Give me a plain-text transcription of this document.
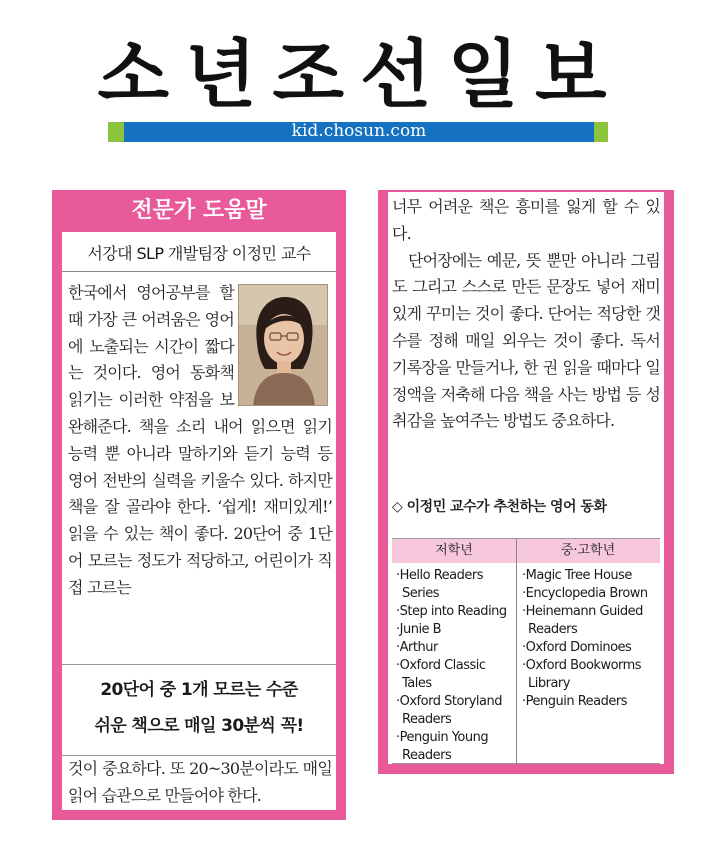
소년조선일보
kid.chosun.com
전문가 도움말
서강대 SLP 개발팀장 이정민 교수
한국에서 영어공부를 할 때 가장 큰 어려움은 영어에 노출되는 시간이 짧다는 것이다. 영어 동화책 읽기는 이러한 약점을 보완해준다. 책을 소리 내어 읽으면 읽기 능력 뿐 아니라 말하기와 듣기 능력 등 영어 전반의 실력을 키울수 있다. 하지만 책을 잘 골라야 한다. ‘쉽게! 재미있게!’ 읽을 수 있는 책이 좋다. 20단어 중 1단어 모르는 정도가 적당하고, 어린이가 직접 고르는
20단어 중 1개 모르는 수준
쉬운 책으로 매일 30분씩 꼭!
것이 중요하다. 또 20~30분이라도 매일 읽어 습관으로 만들어야 한다.

너무 어려운 책은 흥미를 잃게 할 수 있다.

단어장에는 예문, 뜻 뿐만 아니라 그림도 그리고 스스로 만든 문장도 넣어 재미있게 꾸미는 것이 좋다. 단어는 적당한 갯수를 정해 매일 외우는 것이 좋다. 독서 기록장을 만들거나, 한 권 읽을 때마다 일정액을 저축해 다음 책을 사는 방법 등 성취감을 높여주는 방법도 중요하다.

◇ 이정민 교수가 추천하는 영어 동화
저학년	중·고학년
·Hello Readers Series
·Step into Reading
·Junie B
·Arthur
·Oxford Classic Tales
·Oxford Storyland Readers
·Penguin Young Readers
·Magic Tree House
·Encyclopedia Brown
·Heinemann Guided Readers
·Oxford Dominoes
·Oxford Bookworms Library
·Penguin Readers
